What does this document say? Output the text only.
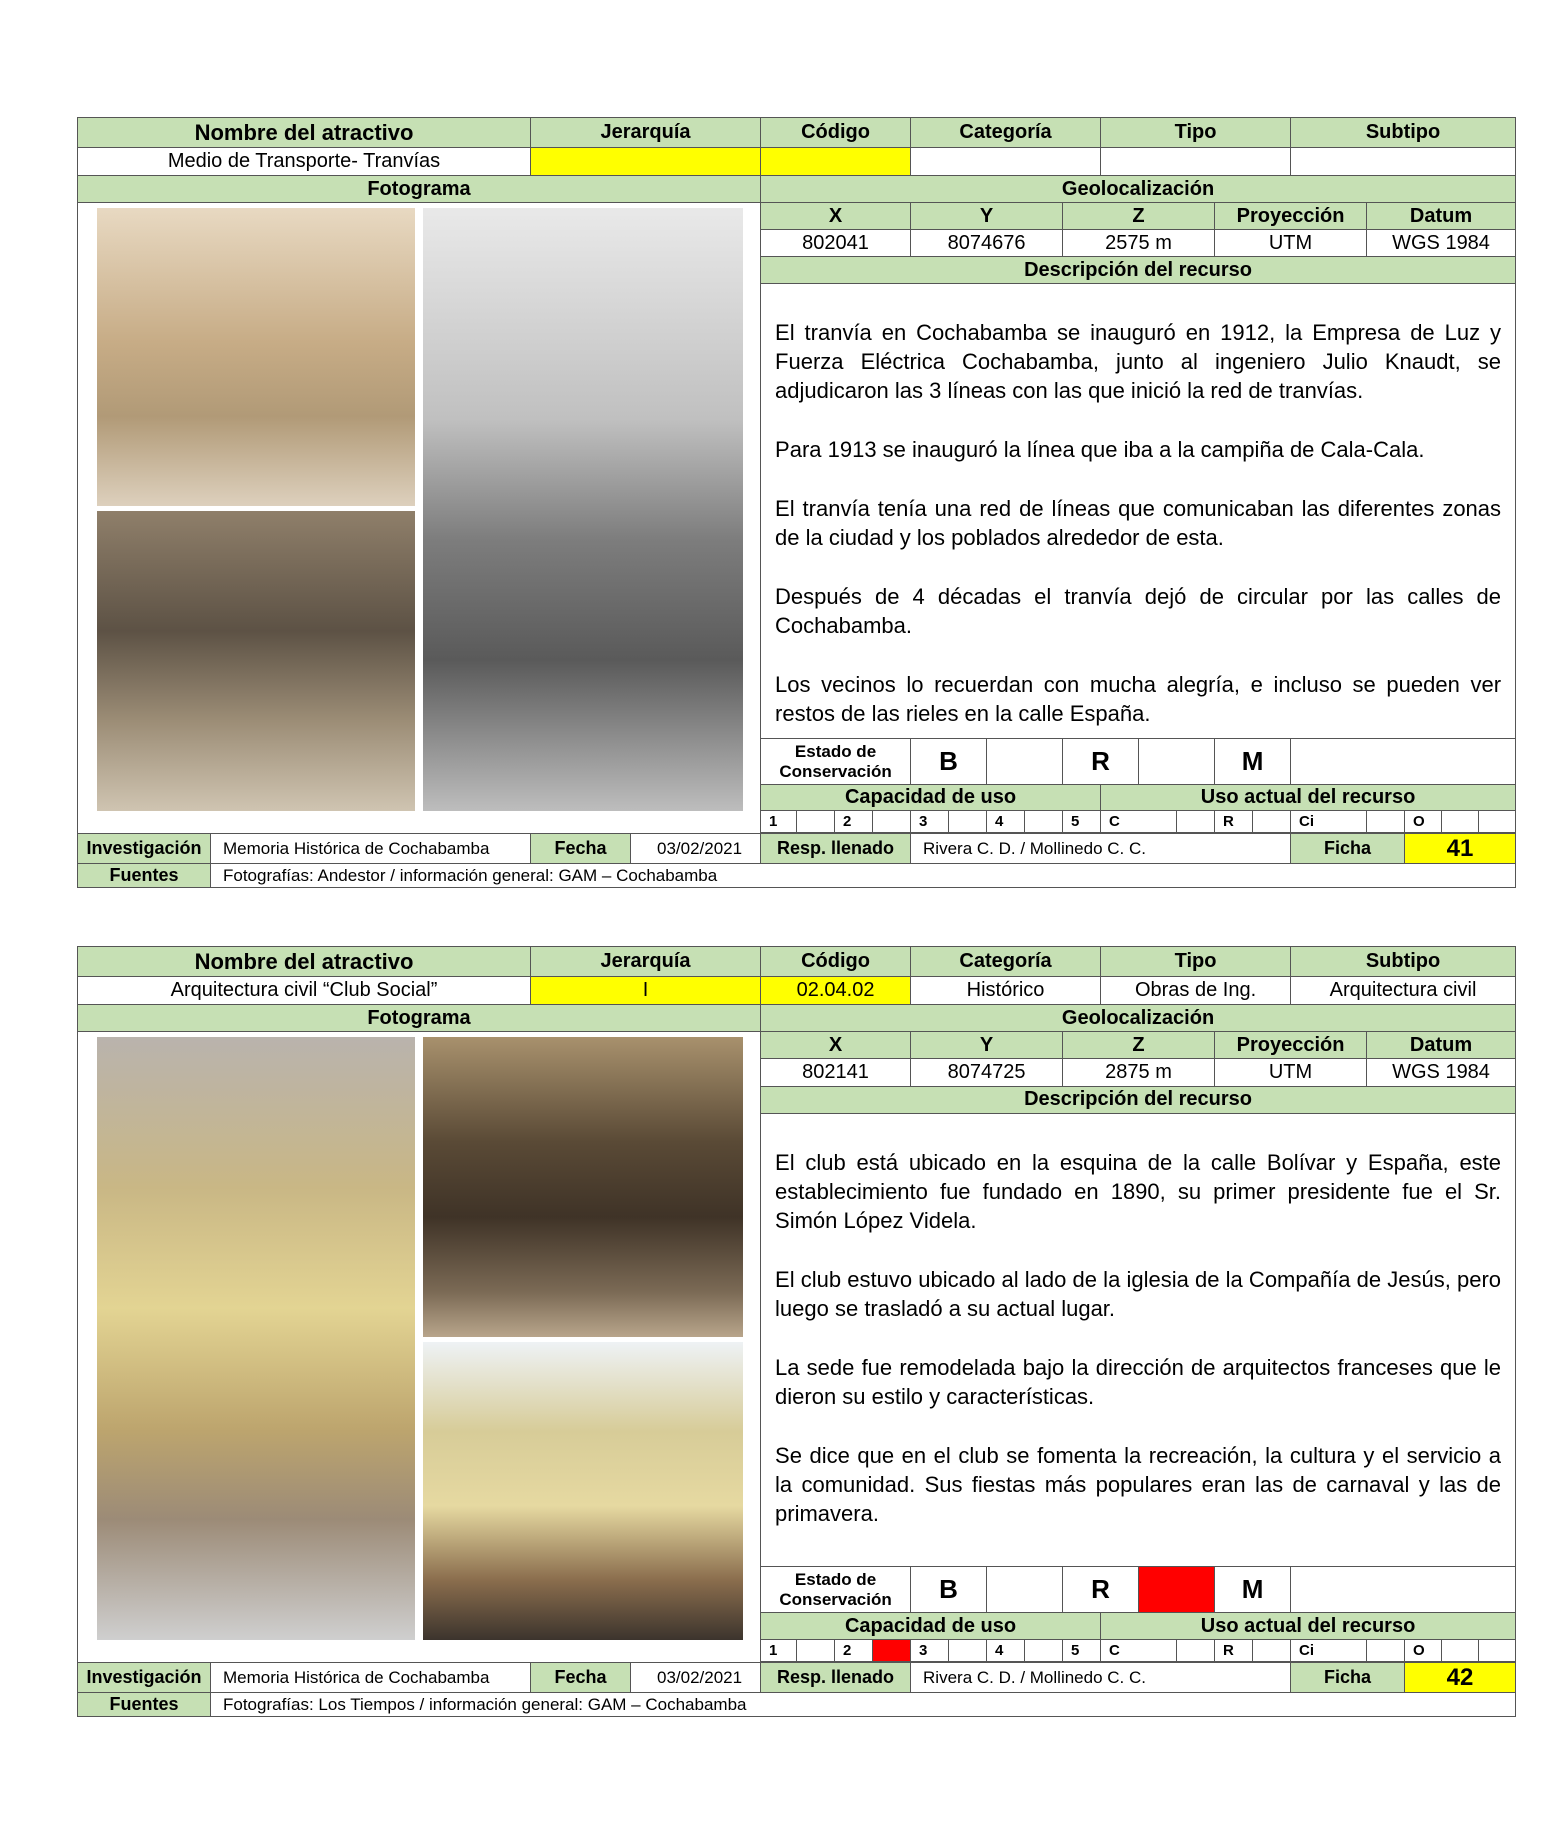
Nombre del atractivo		Jerarquía		Código				Categoría					Tipo					Subtipo				
Medio de Transporte- Tranvías																						
Fotograma				Geolocalización																		

				X				Y				Z				Proyección			Datum			
				802041				8074676				2575 m				UTM			WGS 1984			
				Descripción del recurso																		

				El tranvía en Cochabamba se inauguró en 1912, la Empresa de Luz y Fuerza Eléctrica Cochabamba, junto al ingeniero Julio Knaudt, se adjudicaron las 3 líneas con las que inició la red de tranvías.

Para 1913 se inauguró la línea que iba a la campiña de Cala-Cala.

El tranvía tenía una red de líneas que comunicaban las diferentes zonas de la ciudad y los poblados alrededor de esta.

Después de 4 décadas el tranvía dejó de circular por las calles de Cochabamba.

Los vecinos lo recuerdan con mucha alegría, e incluso se pueden ver restos de las rieles en la calle España.																		

				Estado de Conservación				B				R				M						
				Capacidad de uso									Uso actual del recurso									
				1		2		3		4		5	C			R		Ci		O		

Investigación	Memoria Histórica de Cochabamba	Fecha	03/02/2021	Resp. llenado				Rivera C. D. / Mollinedo C. C.										Ficha		41		
Fuentes	Fotografías: Andestor / información general: GAM – Cochabamba																					
Nombre del atractivo		Jerarquía		Código				Categoría					Tipo					Subtipo				
Arquitectura civil “Club Social”		I		02.04.02				Histórico					Obras de Ing.					Arquitectura civil				
Fotograma				Geolocalización																		

				X				Y				Z				Proyección			Datum			
				802141				8074725				2875 m				UTM			WGS 1984			
				Descripción del recurso																		

				El club está ubicado en la esquina de la calle Bolívar y España, este establecimiento fue fundado en 1890, su primer presidente fue el Sr. Simón López Videla.

El club estuvo ubicado al lado de la iglesia de la Compañía de Jesús, pero luego se trasladó a su actual lugar.

La sede fue remodelada bajo la dirección de arquitectos franceses que le dieron su estilo y características.

Se dice que en el club se fomenta la recreación, la cultura y el servicio a la comunidad. Sus fiestas más populares eran las de carnaval y las de primavera.																		

				Estado de Conservación				B				R				M						
				Capacidad de uso									Uso actual del recurso									
				1		2		3		4		5	C			R		Ci		O		

Investigación	Memoria Histórica de Cochabamba	Fecha	03/02/2021	Resp. llenado				Rivera C. D. / Mollinedo C. C.										Ficha		42		
Fuentes	Fotografías: Los Tiempos / información general: GAM – Cochabamba																					
